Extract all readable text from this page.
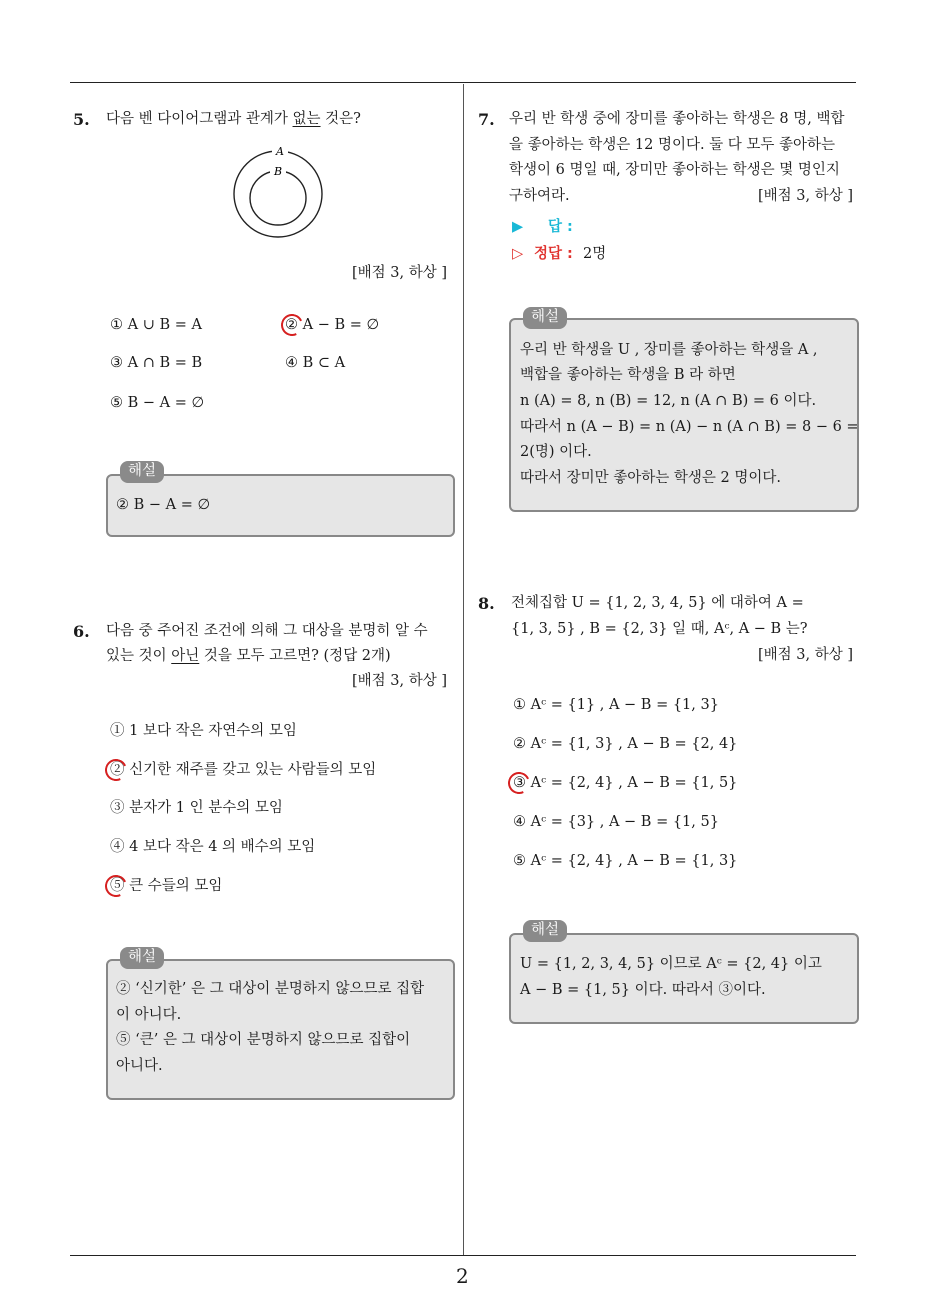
2
5. 다음 벤 다이어그램과 관계가 없는 것은?
A
B
[배점 3, 하상 ]
① A ∪ B = A	② A − B = ∅
③ A ∩ B = B	④ B ⊂ A
⑤ B − A = ∅
해설
② B − A = ∅
6. 다음 중 주어진 조건에 의해 그 대상을 분명히 알 수
있는 것이 아닌 것을 모두 고르면? (정답 2개)
[배점 3, 하상 ]
① 1 보다 작은 자연수의 모임
② 신기한 재주를 갖고 있는 사람들의 모임
③ 분자가 1 인 분수의 모임
④ 4 보다 작은 4 의 배수의 모임
⑤ 큰 수들의 모임
해설
② ‘신기한’ 은 그 대상이 분명하지 않으므로 집합
이 아니다.
⑤ ‘큰’ 은 그 대상이 분명하지 않으므로 집합이
아니다.
7. 우리 반 학생 중에 장미를 좋아하는 학생은 8 명, 백합
을 좋아하는 학생은 12 명이다. 둘 다 모두 좋아하는
학생이 6 명일 때, 장미만 좋아하는 학생은 몇 명인지
구하여라.	[배점 3, 하상 ]
▶ 답 :
▷ 정답 : 2명
해설
우리 반 학생을 U , 장미를 좋아하는 학생을 A ,
백합을 좋아하는 학생을 B 라 하면
n (A) = 8, n (B) = 12, n (A ∩ B) = 6 이다.
따라서 n (A − B) = n (A) − n (A ∩ B) = 8 − 6 =
2(명) 이다.
따라서 장미만 좋아하는 학생은 2 명이다.
8. 전체집합 U = {1, 2, 3, 4, 5} 에 대하여 A =
{1, 3, 5} , B = {2, 3} 일 때, Aᶜ, A − B 는?
[배점 3, 하상 ]
① Aᶜ = {1} , A − B = {1, 3}
② Aᶜ = {1, 3} , A − B = {2, 4}
③ Aᶜ = {2, 4} , A − B = {1, 5}
④ Aᶜ = {3} , A − B = {1, 5}
⑤ Aᶜ = {2, 4} , A − B = {1, 3}
해설
U = {1, 2, 3, 4, 5} 이므로 Aᶜ = {2, 4} 이고
A − B = {1, 5} 이다. 따라서 ③이다.
